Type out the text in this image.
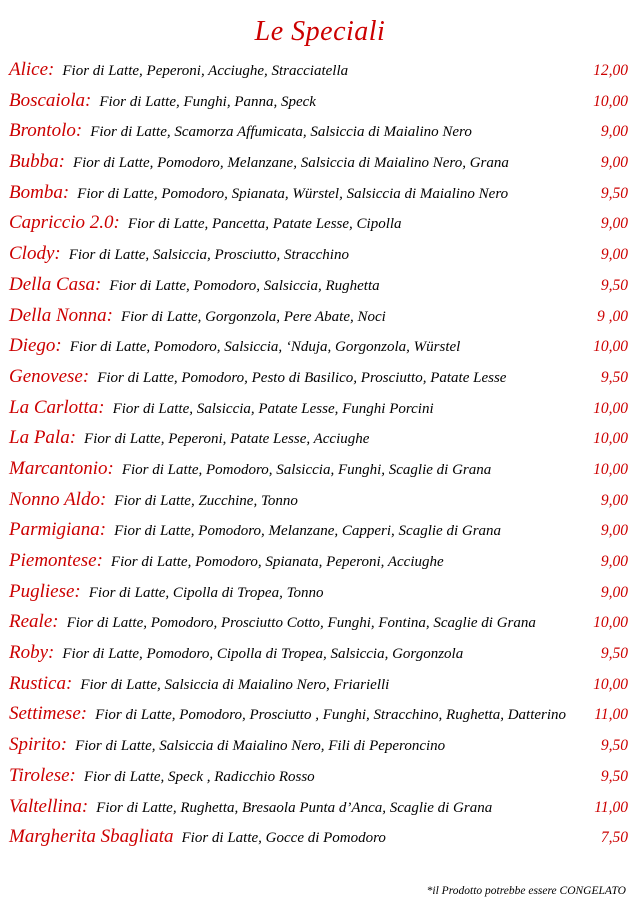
Le Speciali
Alice: Fior di Latte, Peperoni, Acciughe, Stracciatella	12,00
Boscaiola: Fior di Latte, Funghi, Panna, Speck	10,00
Brontolo: Fior di Latte, Scamorza Affumicata, Salsiccia di Maialino Nero	9,00
Bubba: Fior di Latte, Pomodoro, Melanzane, Salsiccia di Maialino Nero, Grana	9,00
Bomba: Fior di Latte, Pomodoro, Spianata, Würstel, Salsiccia di Maialino Nero	9,50
Capriccio 2.0: Fior di Latte, Pancetta, Patate Lesse, Cipolla	9,00
Clody: Fior di Latte, Salsiccia, Prosciutto, Stracchino	9,00
Della Casa: Fior di Latte, Pomodoro, Salsiccia, Rughetta	9,50
Della Nonna: Fior di Latte, Gorgonzola, Pere Abate, Noci	9 ,00
Diego: Fior di Latte, Pomodoro, Salsiccia, ‘Nduja, Gorgonzola, Würstel	10,00
Genovese: Fior di Latte, Pomodoro, Pesto di Basilico, Prosciutto, Patate Lesse	9,50
La Carlotta: Fior di Latte, Salsiccia, Patate Lesse, Funghi Porcini	10,00
La Pala: Fior di Latte, Peperoni, Patate Lesse, Acciughe	10,00
Marcantonio: Fior di Latte, Pomodoro, Salsiccia, Funghi, Scaglie di Grana	10,00
Nonno Aldo: Fior di Latte, Zucchine, Tonno	9,00
Parmigiana: Fior di Latte, Pomodoro, Melanzane, Capperi, Scaglie di Grana	9,00
Piemontese: Fior di Latte, Pomodoro, Spianata, Peperoni, Acciughe	9,00
Pugliese: Fior di Latte, Cipolla di Tropea, Tonno	9,00
Reale: Fior di Latte, Pomodoro, Prosciutto Cotto, Funghi, Fontina, Scaglie di Grana	10,00
Roby: Fior di Latte, Pomodoro, Cipolla di Tropea, Salsiccia, Gorgonzola	9,50
Rustica: Fior di Latte, Salsiccia di Maialino Nero, Friarielli	10,00
Settimese: Fior di Latte, Pomodoro, Prosciutto , Funghi, Stracchino, Rughetta, Datterino	11,00
Spirito: Fior di Latte, Salsiccia di Maialino Nero, Fili di Peperoncino	9,50
Tirolese: Fior di Latte, Speck , Radicchio Rosso	9,50
Valtellina: Fior di Latte, Rughetta, Bresaola Punta d’Anca, Scaglie di Grana	11,00
Margherita Sbagliata Fior di Latte, Gocce di Pomodoro	7,50
*il Prodotto potrebbe essere CONGELATO
